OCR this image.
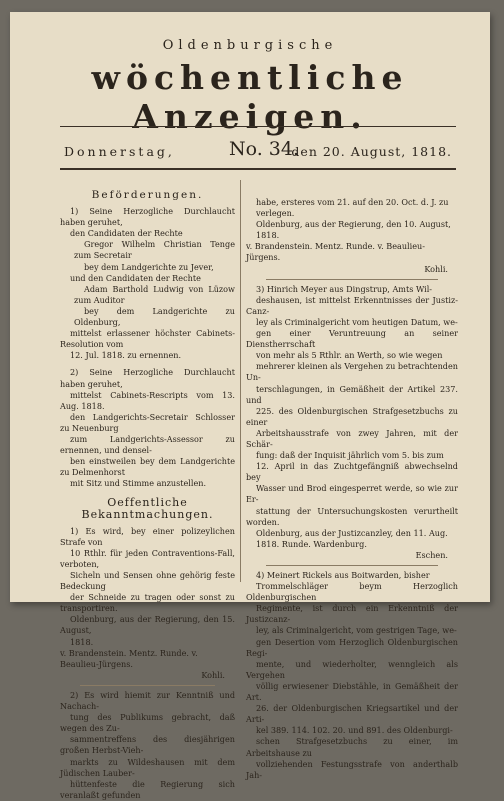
Oldenburgische
wöchentliche Anzeigen.
Donnerstag,	No. 34.
den 20. August, 1818.
Beförderungen.

1) Seine Herzogliche Durchlaucht haben geruhet,

den Candidaten der Rechte

Gregor Wilhelm Christian Tenge zum Secretair

bey dem Landgerichte zu Jever,

und den Candidaten der Rechte

Adam Barthold Ludwig von Lüzow zum Auditor

bey dem Landgerichte zu Oldenburg,

mittelst erlassener höchster Cabinets-Resolution vom

12. Jul. 1818. zu ernennen.

2) Seine Herzogliche Durchlaucht haben geruhet,

mittelst Cabinets-Rescripts vom 13. Aug. 1818.

den Landgerichts-Secretair Schlosser zu Neuenburg

zum Landgerichts-Assessor zu ernennen, und densel-

ben einstweilen bey dem Landgerichte zu Delmenhorst

mit Sitz und Stimme anzustellen.

Oeffentliche Bekanntmachungen.

1) Es wird, bey einer polizeylichen Strafe von

10 Rthlr. für jeden Contraventions-Fall, verboten,

Sicheln und Sensen ohne gehörig feste Bedeckung

der Schneide zu tragen oder sonst zu transportiren.

Oldenburg, aus der Regierung, den 15. August,

1818.

v. Brandenstein. Mentz. Runde. v. Beaulieu-Jürgens.

Kohli.

2) Es wird hiemit zur Kenntniß und Nachach-

tung des Publikums gebracht, daß wegen des Zu-

sammentreffens des diesjährigen großen Herbst-Vieh-

markts zu Wildeshausen mit dem Jüdischen Lauber-

hüttenfeste die Regierung sich veranlaßt gefunden

habe, ersteres vom 21. auf den 20. Oct. d. J. zu

verlegen.

Oldenburg, aus der Regierung, den 10. August,

1818.

v. Brandenstein. Mentz. Runde. v. Beaulieu-Jürgens.

Kohli.

3) Hinrich Meyer aus Dingstrup, Amts Wil-

deshausen, ist mittelst Erkenntnisses der Justiz-Canz-

ley als Criminalgericht vom heutigen Datum, we-

gen einer Veruntreuung an seiner Dienstherrschaft

von mehr als 5 Rthlr. an Werth, so wie wegen

mehrerer kleinen als Vergehen zu betrachtenden Un-

terschlagungen, in Gemäßheit der Artikel 237. und

225. des Oldenburgischen Strafgesetzbuchs zu einer

Arbeitshausstrafe von zwey Jahren, mit der Schär-

fung: daß der Inquisit jährlich vom 5. bis zum

12. April in das Zuchtgefängniß abwechselnd bey

Wasser und Brod eingesperret werde, so wie zur Er-

stattung der Untersuchungskosten verurtheilt worden.

Oldenburg, aus der Justizcanzley, den 11. Aug.

1818. Runde. Wardenburg.

Eschen.

4) Meinert Rickels aus Boitwarden, bisher

Trommelschläger beym Herzoglich Oldenburgischen

Regimente, ist durch ein Erkenntniß der Justizcanz-

ley, als Criminalgericht, vom gestrigen Tage, we-

gen Desertion vom Herzoglich Oldenburgischen Regi-

mente, und wiederholter, wenngleich als Vergehen

völlig erwiesener Diebstähle, in Gemäßheit der Art.

26. der Oldenburgischen Kriegsartikel und der Arti-

kel 389. 114. 102. 20. und 891. des Oldenburgi-

schen Strafgesetzbuchs zu einer, im Arbeitshause zu

vollziehenden Festungsstrafe von anderthalb Jah-
